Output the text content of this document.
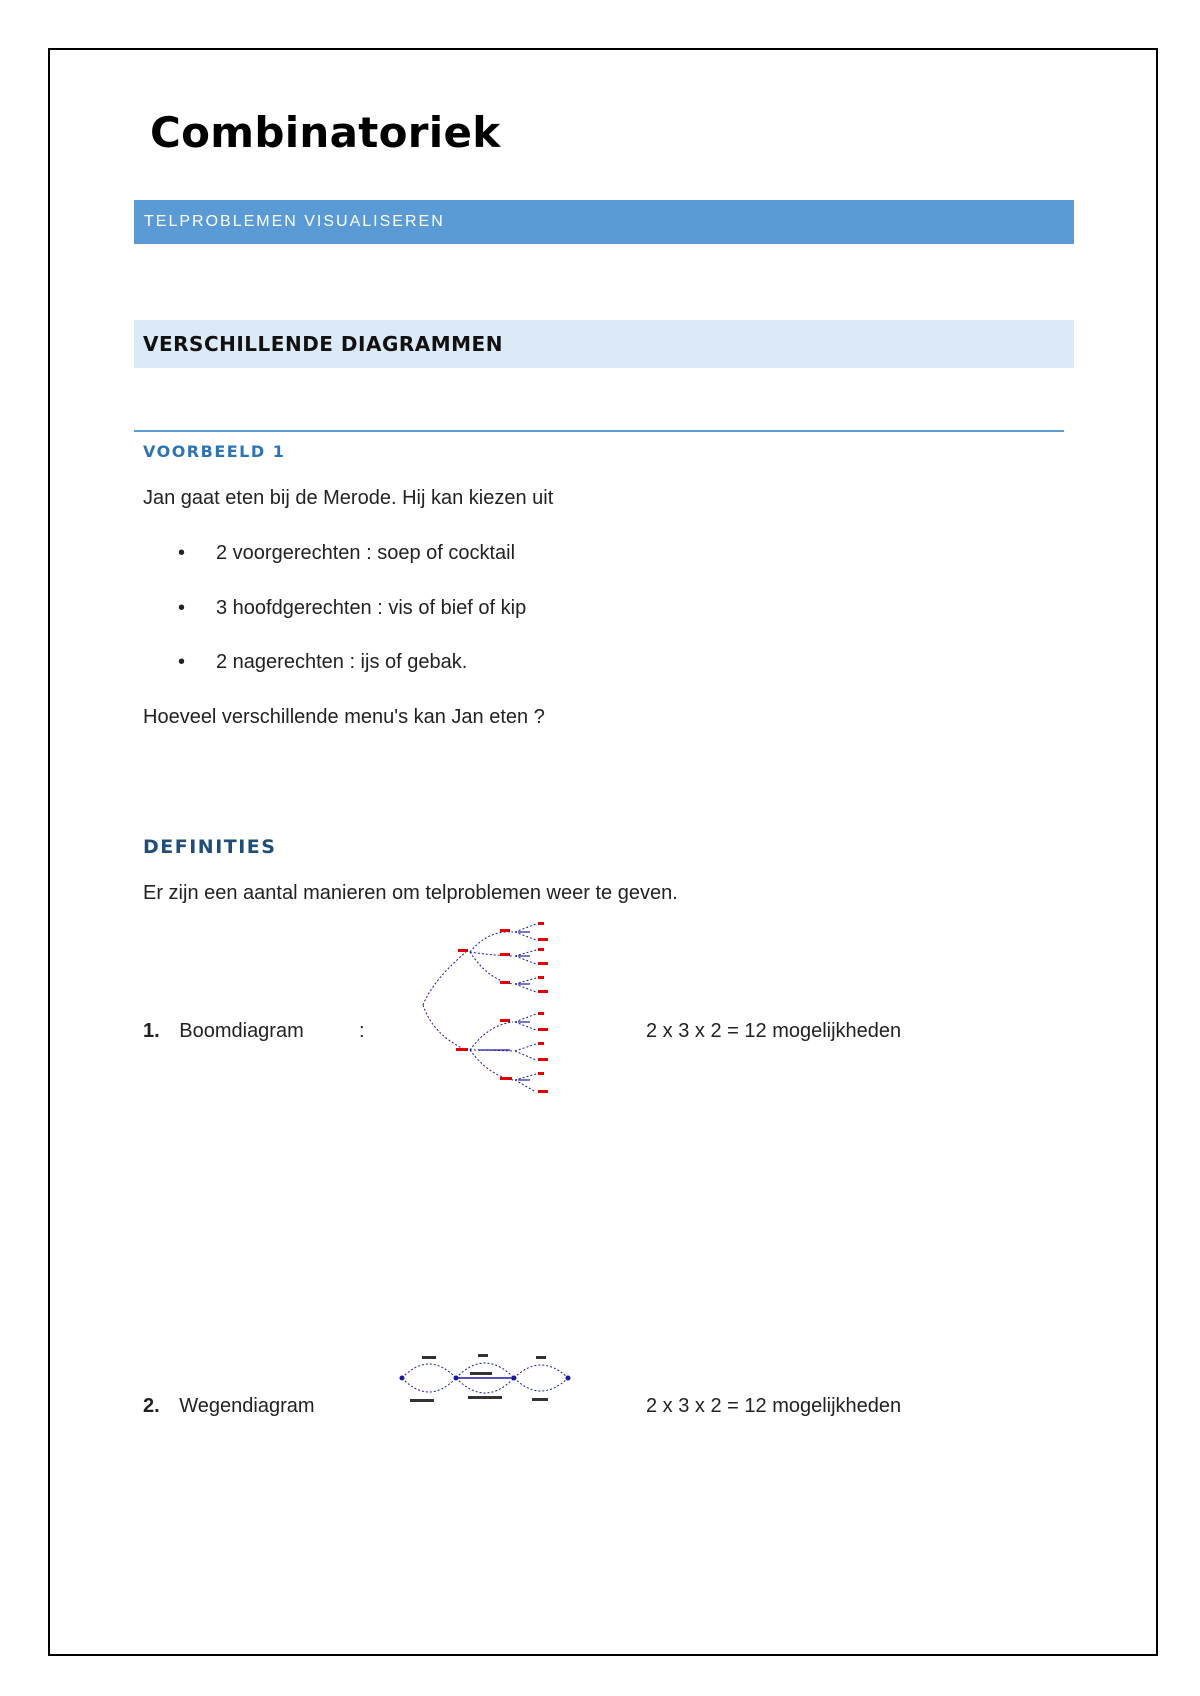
Combinatoriek
TELPROBLEMEN VISUALISEREN
VERSCHILLENDE DIAGRAMMEN
VOORBEELD 1
Jan gaat eten bij de Merode. Hij kan kiezen uit
• 2 voorgerechten : soep of cocktail
• 3 hoofdgerechten : vis of bief of kip
• 2 nagerechten : ijs of gebak.
Hoeveel verschillende menu's kan Jan eten ?
DEFINITIES
Er zijn een aantal manieren om telproblemen weer te geven.
1. Boomdiagram	:	2 x 3 x 2 = 12 mogelijkheden
2. Wegendiagram	2 x 3 x 2 = 12 mogelijkheden
